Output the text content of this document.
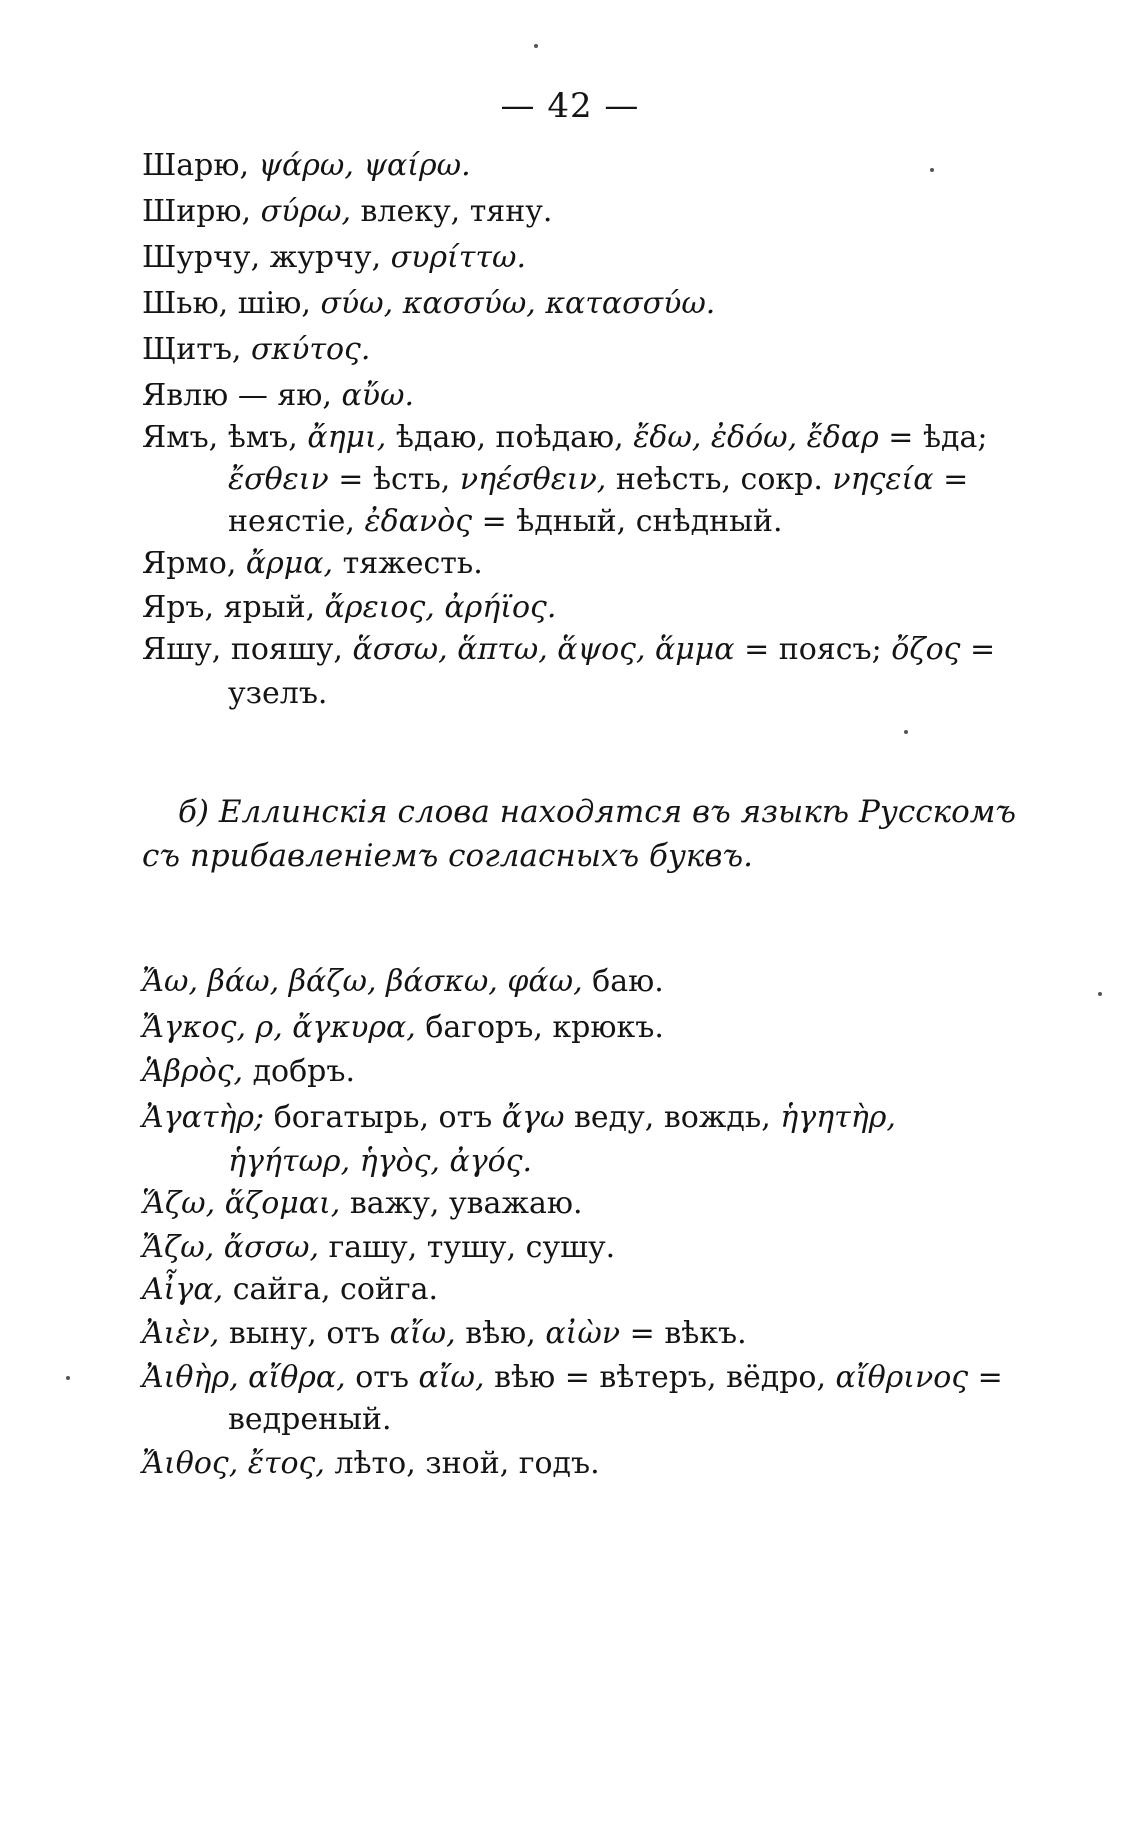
— 42 —
Шарю, ψάρω, ψαίρω.
Ширю, σύρω, влеку, тяну.
Шурчу, журчу, συρίττω.
Шью, шію, σύω, κασσύω, κατασσύω.
Щитъ, σκύτος.
Явлю — яю, αὔω.
Ямъ, ѣмъ, ἄημι, ѣдаю, поѣдаю, ἔδω, ἐδόω, ἔδαρ = ѣда;
ἔσθειν = ѣсть, νηέσθειν, неѣсть, сокр. νηςεία =
неястіе, ἐδανὸς = ѣдный, снѣдный.
Ярмо, ἄρμα, тяжесть.
Яръ, ярый, ἄρειος, ἀρήϊος.
Яшу, пояшу, ἅσσω, ἅπτω, ἅψος, ἅμμα = поясъ; ὄζος =
узелъ.
б) Еллинскія слова находятся въ языкѣ Русскомъ
съ прибавленіемъ согласныхъ буквъ.
Ἄω, βάω, βάζω, βάσκω, φάω, баю.
Ἄγκος, ρ, ἄγκυρα, багоръ, крюкъ.
Ἁβρὸς, добръ.
Ἀγατὴρ; богатырь, отъ ἄγω веду, вождь, ἡγητὴρ,
ἡγήτωρ, ἡγὸς, ἀγός.
Ἅζω, ἅζομαι, важу, уважаю.
Ἄζω, ἄσσω, гашу, тушу, сушу.
Αἶγα, сайга, сойга.
Ἀιὲν, выну, отъ αἴω, вѣю, αἰὼν = вѣкъ.
Ἀιθὴρ, αἴθρα, отъ αἴω, вѣю = вѣтеръ, вёдро, αἴθρινος =
ведреный.
Ἄιθος, ἔτος, лѣто, зной, годъ.
